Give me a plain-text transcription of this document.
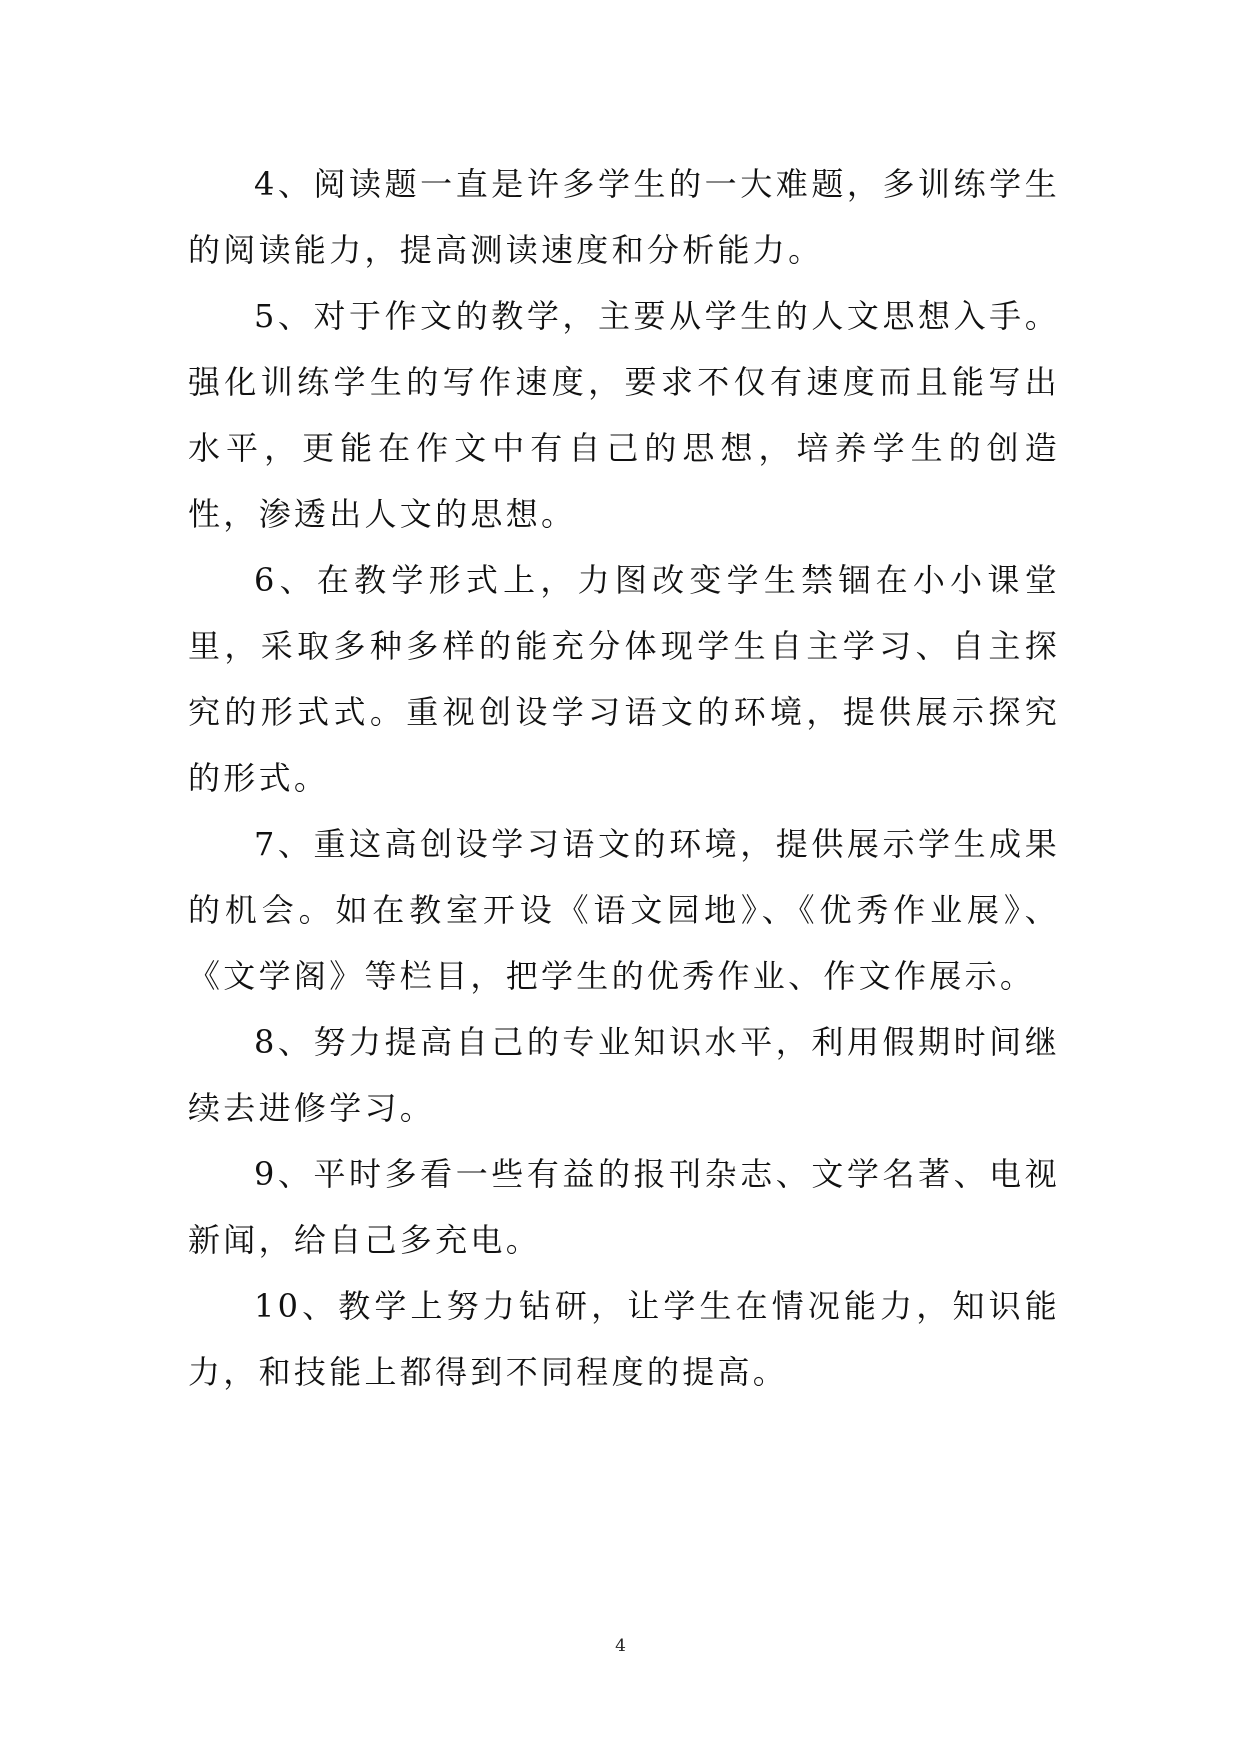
4、阅读题一直是许多学生的一大难题，多训练学生的阅读能力，提高测读速度和分析能力。

5、对于作文的教学，主要从学生的人文思想入手。强化训练学生的写作速度，要求不仅有速度而且能写出水平，更能在作文中有自己的思想，培养学生的创造性，渗透出人文的思想。

6、在教学形式上，力图改变学生禁锢在小小课堂里，采取多种多样的能充分体现学生自主学习、自主探究的形式式。重视创设学习语文的环境，提供展示探究的形式。

7、重这高创设学习语文的环境，提供展示学生成果的机会。如在教室开设《语文园地》、《优秀作业展》、《文学阁》等栏目，把学生的优秀作业、作文作展示。

8、努力提高自己的专业知识水平，利用假期时间继续去进修学习。

9、平时多看一些有益的报刊杂志、文学名著、电视新闻，给自己多充电。

10、教学上努力钻研，让学生在情况能力，知识能力，和技能上都得到不同程度的提高。

4
